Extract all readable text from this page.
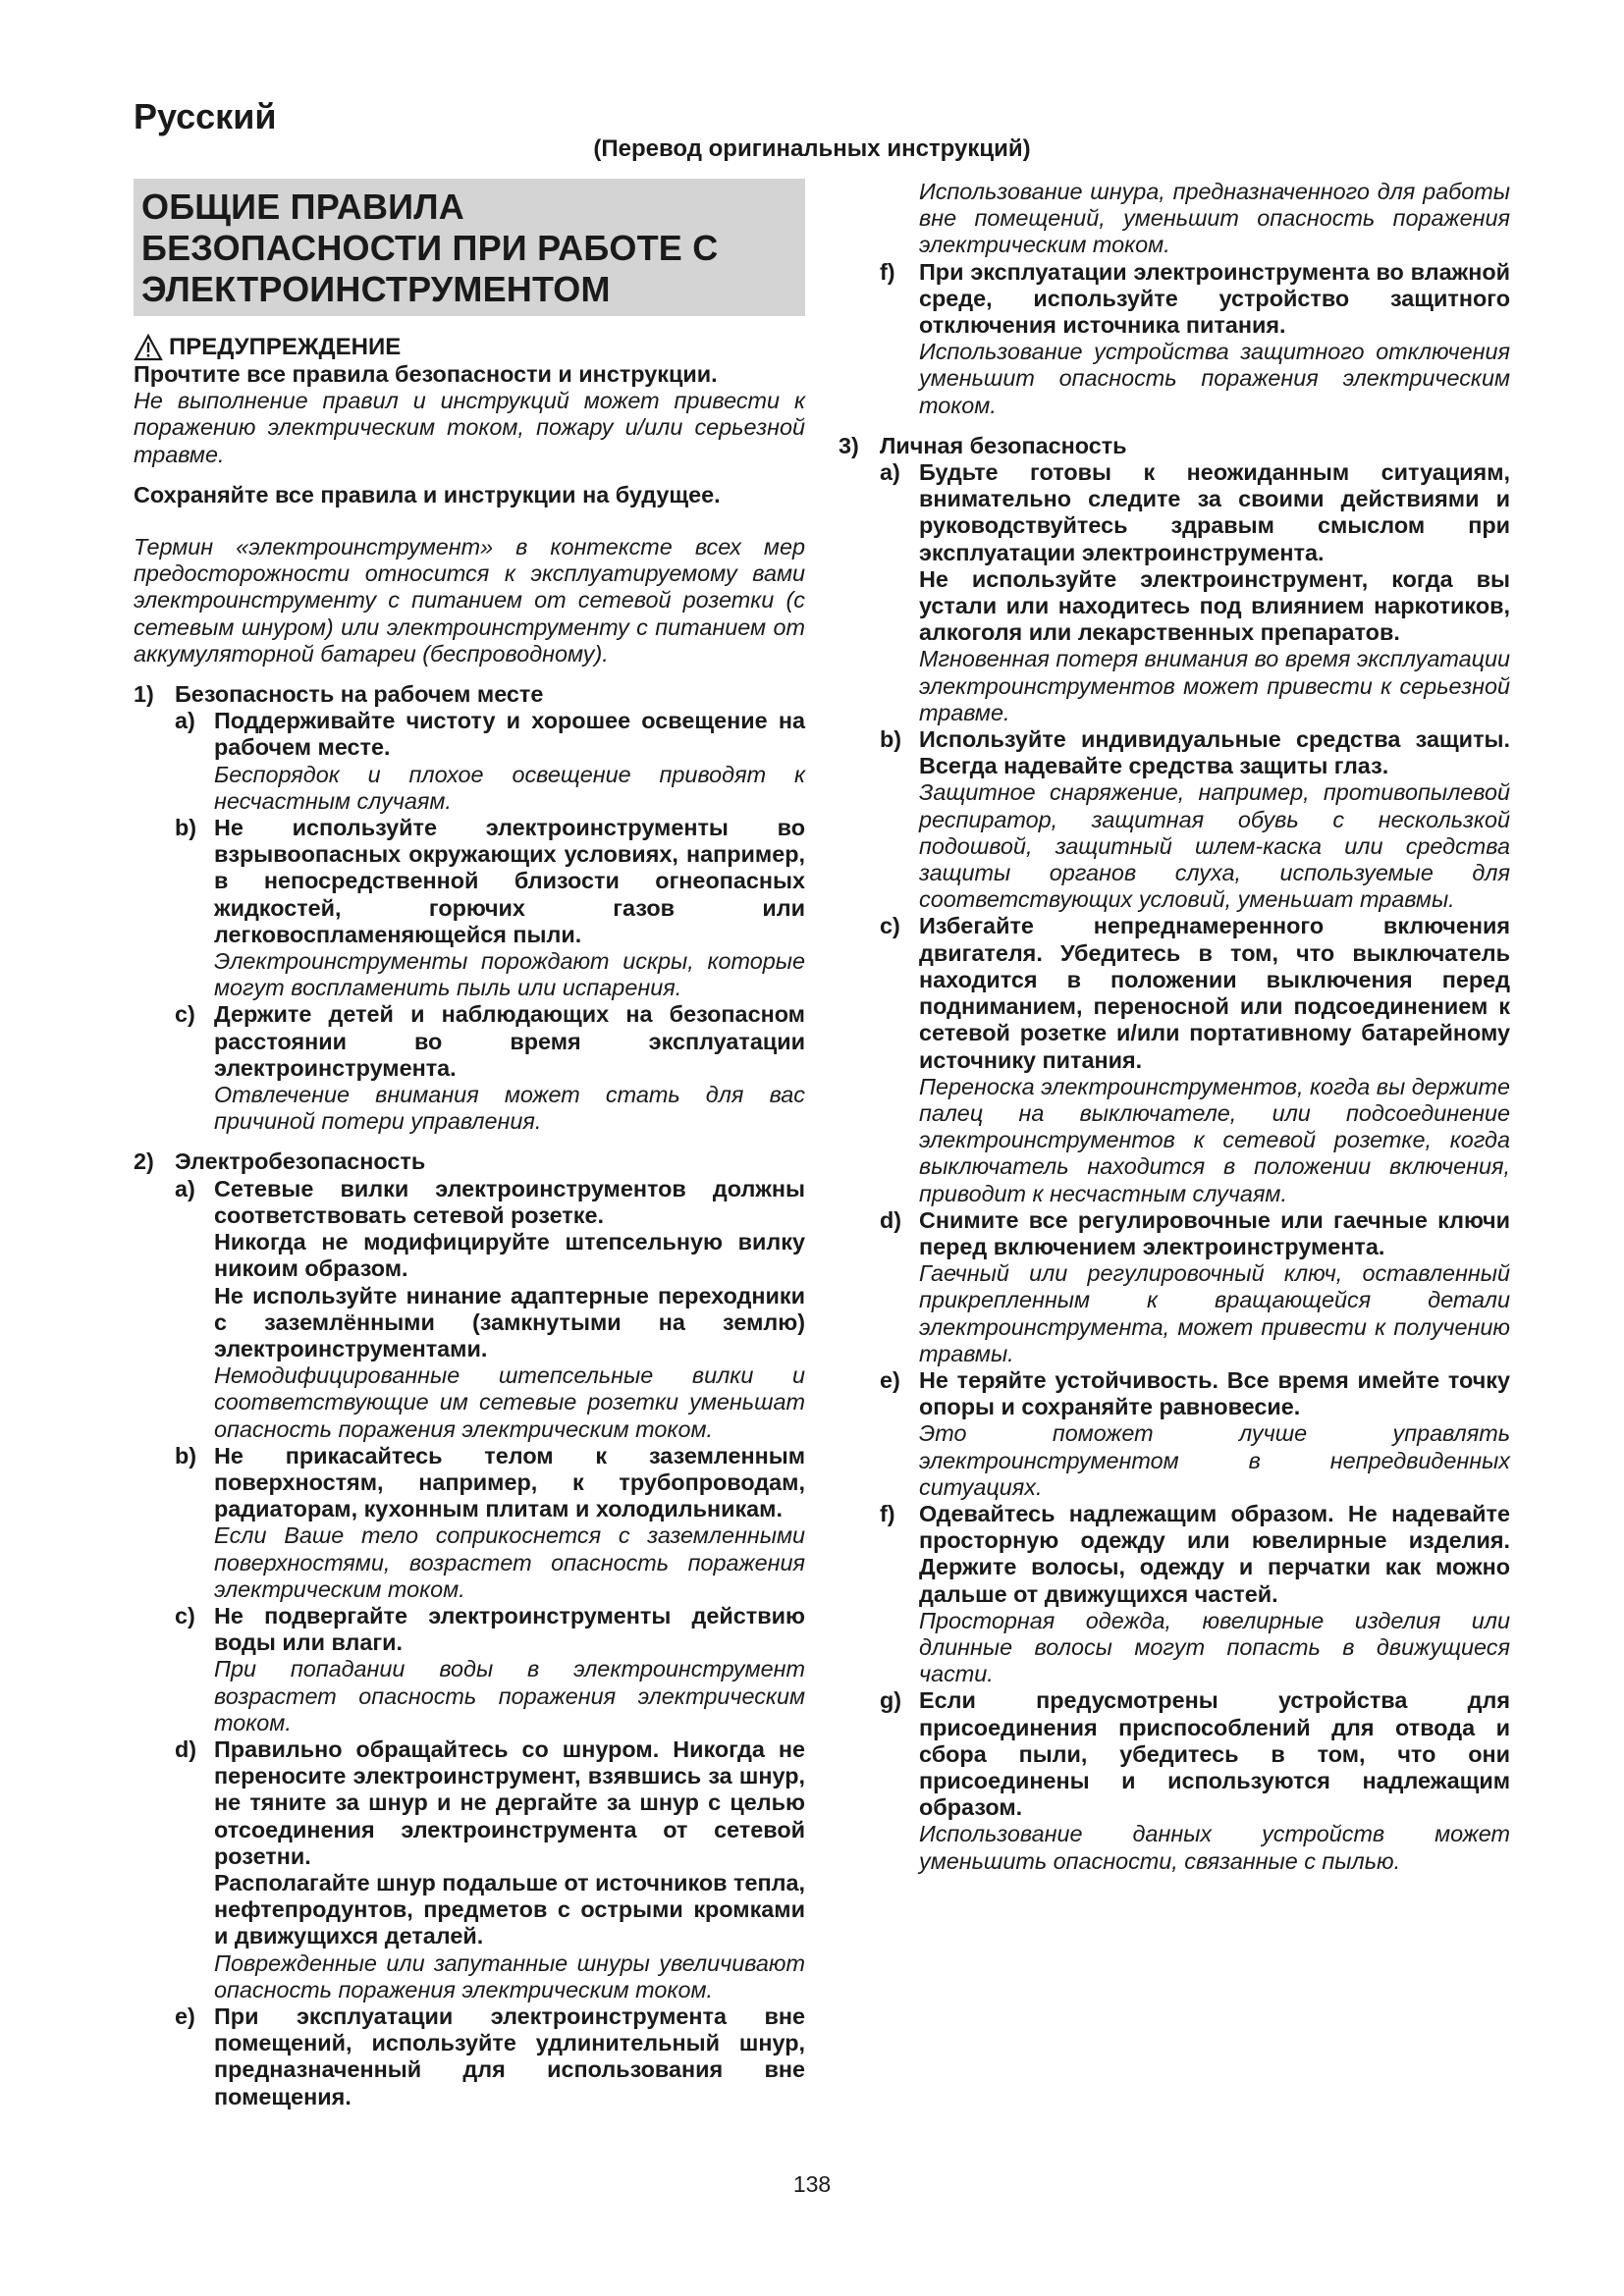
Русский
(Перевод оригинальных инструкций)
ОБЩИЕ ПРАВИЛА
БЕЗОПАСНОСТИ ПРИ РАБОТЕ С
ЭЛЕКТРОИНСТРУМЕНТОМ
ПРЕДУПРЕЖДЕНИЕ

Прочтите все правила безопасности и инструкции.

Не выполнение правил и инструкций может привести к поражению электрическим током, пожару и/или серьезной травме.

Сохраняйте все правила и инструкции на будущее.

Термин «электроинструмент» в контексте всех мер предосторожности относится к эксплуатируемому вами электроинструменту с питанием от сетевой розетки (с сетевым шнуром) или электроинструменту с питанием от аккумуляторной батареи (беспроводному).

1) Безопасность на рабочем месте
a) Поддерживайте чистоту и хорошее освещение на рабочем месте.

Беспорядок и плохое освещение приводят к несчастным случаям.

b) Не используйте электроинструменты во взрывоопасных окружающих условиях, например, в непосредственной близости огнеопасных жидкостей, горючих газов или легковоспламеняющейся пыли.

Электроинструменты порождают искры, которые могут воспламенить пыль или испарения.

c) Держите детей и наблюдающих на безопасном расстоянии во время эксплуатации электроинструмента.

Отвлечение внимания может стать для вас причиной потери управления.

2) Электробезопасность
a) Сетевые вилки электроинструментов должны соответствовать сетевой розетке.

Никогда не модифицируйте штепсельную вилку никоим образом.

Не используйте нинание адаптерные переходники с заземлёнными (замкнутыми на землю) электроинструментами.

Немодифицированные штепсельные вилки и соответствующие им сетевые розетки уменьшат опасность поражения электрическим током.

b) Не прикасайтесь телом к заземленным поверхностям, например, к трубопроводам, радиаторам, кухонным плитам и холодильникам.

Если Ваше тело соприкоснется с заземленными поверхностями, возрастет опасность поражения электрическим током.

c) Не подвергайте электроинструменты действию воды или влаги.

При попадании воды в электроинструмент возрастет опасность поражения электрическим током.

d) Правильно обращайтесь со шнуром. Никогда не переносите электроинструмент, взявшись за шнур, не тяните за шнур и не дергайте за шнур с целью отсоединения электроинструмента от сетевой розетни.

Располагайте шнур подальше от источников тепла, нефтепродунтов, предметов с острыми кромками и движущихся деталей.

Поврежденные или запутанные шнуры увеличивают опасность поражения электрическим током.

e) При эксплуатации электроинструмента вне помещений, используйте удлинительный шнур, предназначенный для использования вне помещения.

Использование шнура, предназначенного для работы вне помещений, уменьшит опасность поражения электрическим током.

f)	При эксплуатации электроинструмента во влажной среде, используйте устройство защитного отключения источника питания.

Использование устройства защитного отключения уменьшит опасность поражения электрическим током.

3) Личная безопасность
a) Будьте готовы к неожиданным ситуациям, внимательно следите за своими действиями и руководствуйтесь здравым смыслом при эксплуатации электроинструмента.

Не используйте электроинструмент, когда вы устали или находитесь под влиянием наркотиков, алкоголя или лекарственных препаратов.

Мгновенная потеря внимания во время эксплуатации электроинструментов может привести к серьезной травме.

b) Используйте индивидуальные средства защиты. Всегда надевайте средства защиты глаз.

Защитное снаряжение, например, противопылевой респиратор, защитная обувь с нескользкой подошвой, защитный шлем-каска или средства защиты органов слуха, используемые для соответствующих условий, уменьшат травмы.

c) Избегайте непреднамеренного включения двигателя. Убедитесь в том, что выключатель находится в положении выключения перед подниманием, переносной или подсоединением к сетевой розетке и/или портативному батарейному источнику питания.

Переноска электроинструментов, когда вы держите палец на выключателе, или подсоединение электроинструментов к сетевой розетке, когда выключатель находится в положении включения, приводит к несчастным случаям.

d) Снимите все регулировочные или гаечные ключи перед включением электроинструмента.

Гаечный или регулировочный ключ, оставленный прикрепленным к вращающейся детали электроинструмента, может привести к получению травмы.

e) Не теряйте устойчивость. Все время имейте точку опоры и сохраняйте равновесие.

Это поможет лучше управлять электроинструментом в непредвиденных ситуациях.

f)	Одевайтесь надлежащим образом. Не надевайте просторную одежду или ювелирные изделия. Держите волосы, одежду и перчатки как можно дальше от движущихся частей.

Просторная одежда, ювелирные изделия или длинные волосы могут попасть в движущиеся части.

g) Если предусмотрены устройства для присоединения приспособлений для отвода и сбора пыли, убедитесь в том, что они присоединены и используются надлежащим образом.

Использование данных устройств может уменьшить опасности, связанные с пылью.

138
